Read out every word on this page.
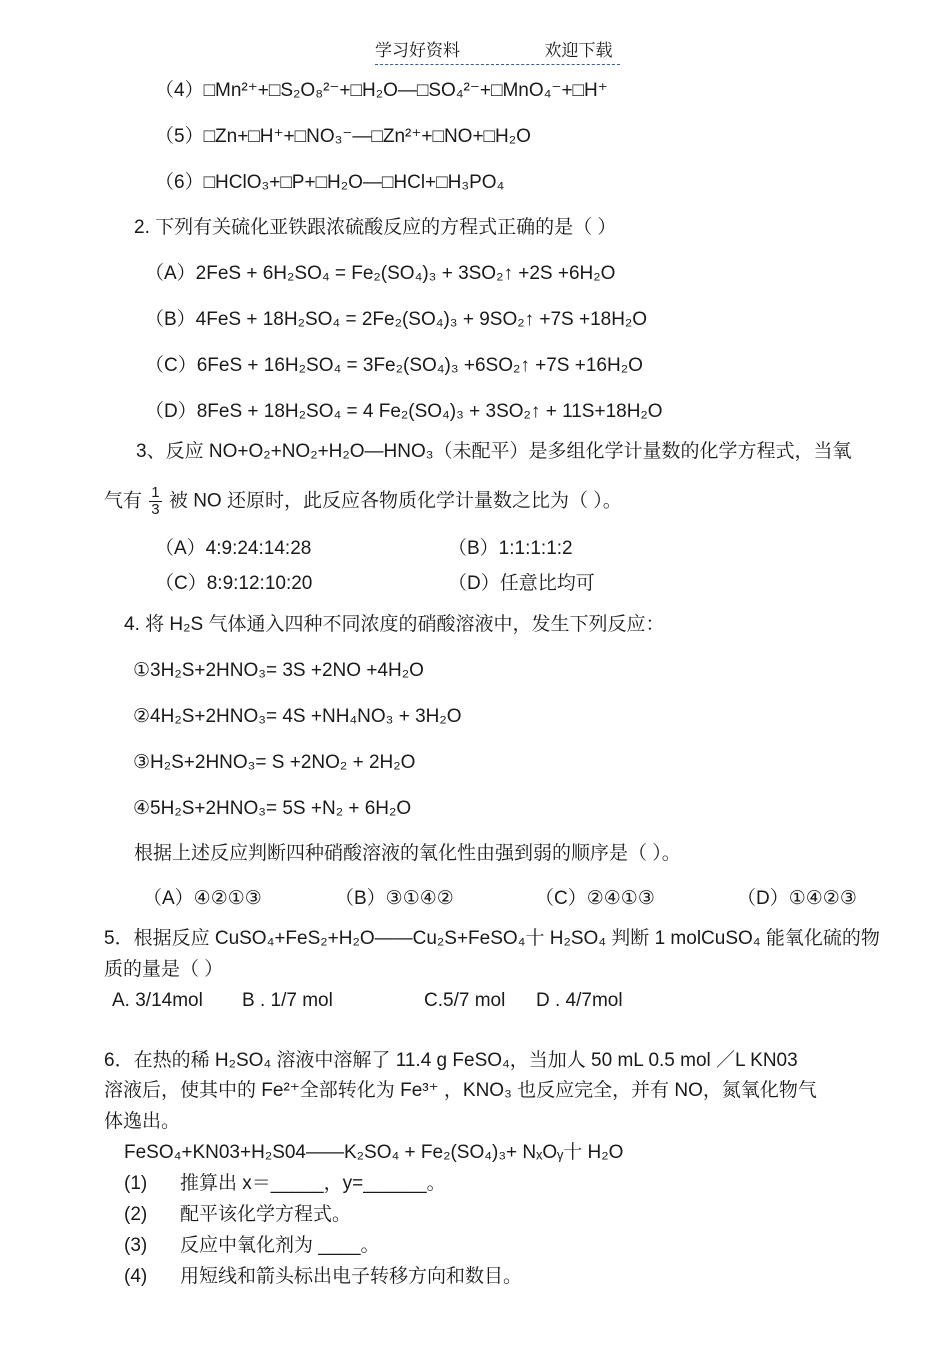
学习好资料	欢迎下载
（4）□Mn²⁺+□S₂O₈²⁻+□H₂O—□SO₄²⁻+□MnO₄⁻+□H⁺
（5）□Zn+□H⁺+□NO₃⁻—□Zn²⁺+□NO+□H₂O
（6）□HClO₃+□P+□H₂O—□HCl+□H₃PO₄
2. 下列有关硫化亚铁跟浓硫酸反应的方程式正确的是（ ）
（A）2FeS + 6H₂SO₄ = Fe₂(SO₄)₃ + 3SO₂↑ +2S +6H₂O
（B）4FeS + 18H₂SO₄ = 2Fe₂(SO₄)₃ + 9SO₂↑ +7S +18H₂O
（C）6FeS + 16H₂SO₄ = 3Fe₂(SO₄)₃ +6SO₂↑ +7S +16H₂O
（D）8FeS + 18H₂SO₄ = 4 Fe₂(SO₄)₃ + 3SO₂↑ + 11S+18H₂O
3、反应 NO+O₂+NO₂+H₂O—HNO₃（未配平）是多组化学计量数的化学方程式，当氧
气有 $\frac{1}{3}$ 被 NO 还原时，此反应各物质化学计量数之比为（ ）。
（A）4:9:24:14:28	（B）1:1:1:1:2
（C）8:9:12:10:20	（D）任意比均可
4. 将 H₂S 气体通入四种不同浓度的硝酸溶液中，发生下列反应：
①3H₂S+2HNO₃= 3S +2NO +4H₂O
②4H₂S+2HNO₃= 4S +NH₄NO₃ + 3H₂O
③H₂S+2HNO₃= S +2NO₂ + 2H₂O
④5H₂S+2HNO₃= 5S +N₂ + 6H₂O
根据上述反应判断四种硝酸溶液的氧化性由强到弱的顺序是（ ）。
（A）④②①③	（B）③①④②	（C）②④①③	（D）①④②③
5．根据反应 CuSO₄+FeS₂+H₂O——Cu₂S+FeSO₄十 H₂SO₄ 判断 1 molCuSO₄ 能氧化硫的物
质的量是（ ）
A. 3/14mol B . 1/7 mol	C.5/7 mol D . 4/7mol
6．在热的稀 H₂SO₄ 溶液中溶解了 11.4 g FeSO₄，当加人 50 mL 0.5 mol ／L KN03
溶液后，使其中的 Fe²⁺全部转化为 Fe³⁺ ，KNO₃ 也反应完全，并有 NO，氮氧化物气
体逸出。
FeSO₄+KN03+H₂S04——K₂SO₄ + Fe₂(SO₄)₃+ NₓOᵧ十 H₂O
(1) 推算出 x＝_____，y=______。
(2) 配平该化学方程式。
(3) 反应中氧化剂为 ____。
(4) 用短线和箭头标出电子转移方向和数目。
